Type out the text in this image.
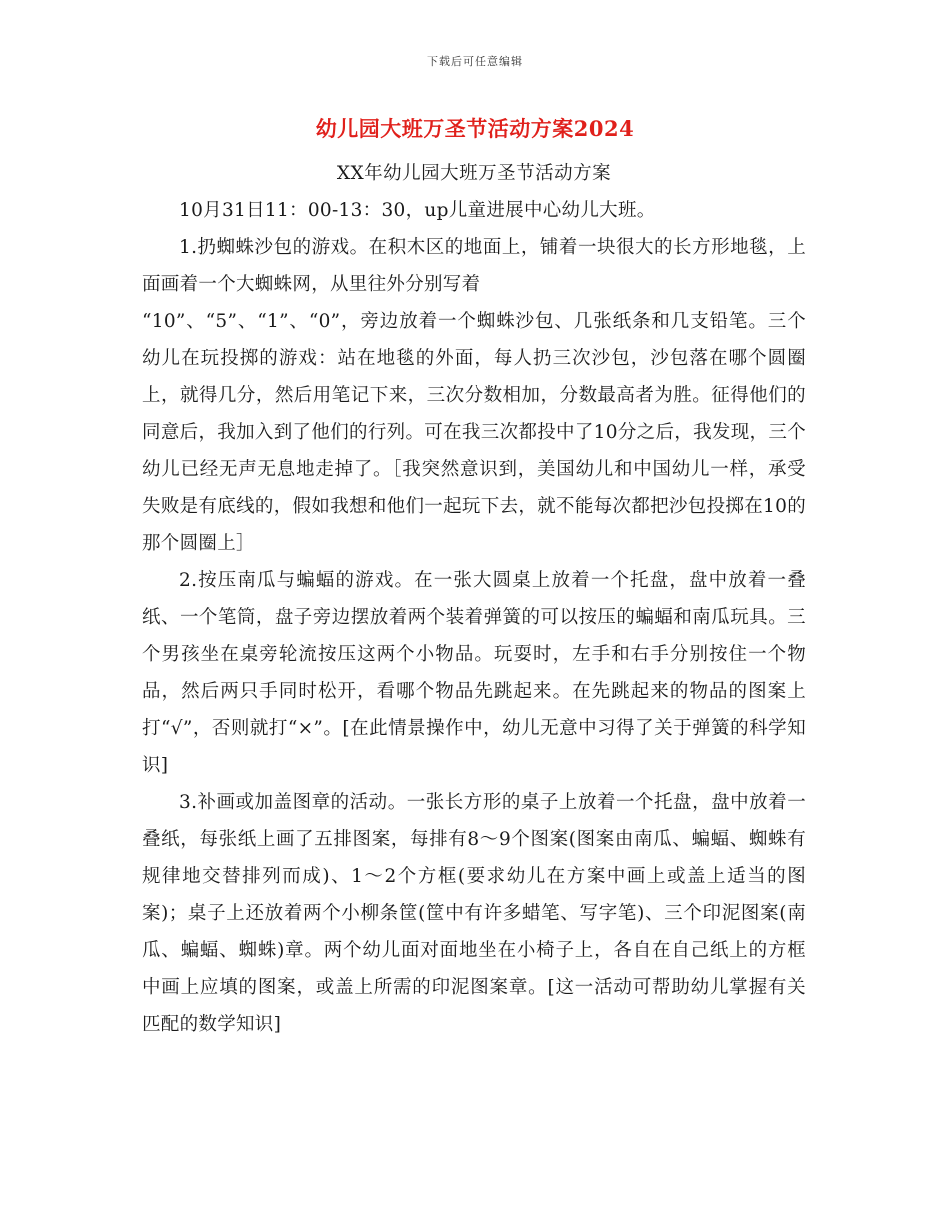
下载后可任意编辑
幼儿园大班万圣节活动方案2024

XX年幼儿园大班万圣节活动方案

10月31日11：00-13：30，up儿童进展中心幼儿大班。

1.扔蜘蛛沙包的游戏。在积木区的地面上，铺着一块很大的长方形地毯，上面画着一个大蜘蛛网，从里往外分别写着

“10”、“5”、“1”、“0”，旁边放着一个蜘蛛沙包、几张纸条和几支铅笔。三个幼儿在玩投掷的游戏：站在地毯的外面，每人扔三次沙包，沙包落在哪个圆圈上，就得几分，然后用笔记下来，三次分数相加，分数最高者为胜。征得他们的同意后，我加入到了他们的行列。可在我三次都投中了10分之后，我发现，三个幼儿已经无声无息地走掉了。［我突然意识到，美国幼儿和中国幼儿一样，承受失败是有底线的，假如我想和他们一起玩下去，就不能每次都把沙包投掷在10的那个圆圈上］

2.按压南瓜与蝙蝠的游戏。在一张大圆桌上放着一个托盘，盘中放着一叠纸、一个笔筒，盘子旁边摆放着两个装着弹簧的可以按压的蝙蝠和南瓜玩具。三个男孩坐在桌旁轮流按压这两个小物品。玩耍时，左手和右手分别按住一个物品，然后两只手同时松开，看哪个物品先跳起来。在先跳起来的物品的图案上打“√”，否则就打“×”。[在此情景操作中，幼儿无意中习得了关于弹簧的科学知识]

3.补画或加盖图章的活动。一张长方形的桌子上放着一个托盘，盘中放着一叠纸，每张纸上画了五排图案，每排有8～9个图案(图案由南瓜、蝙蝠、蜘蛛有规律地交替排列而成)、1～2个方框(要求幼儿在方案中画上或盖上适当的图案)；桌子上还放着两个小柳条筐(筐中有许多蜡笔、写字笔)、三个印泥图案(南瓜、蝙蝠、蜘蛛)章。两个幼儿面对面地坐在小椅子上，各自在自己纸上的方框中画上应填的图案，或盖上所需的印泥图案章。[这一活动可帮助幼儿掌握有关匹配的数学知识]
